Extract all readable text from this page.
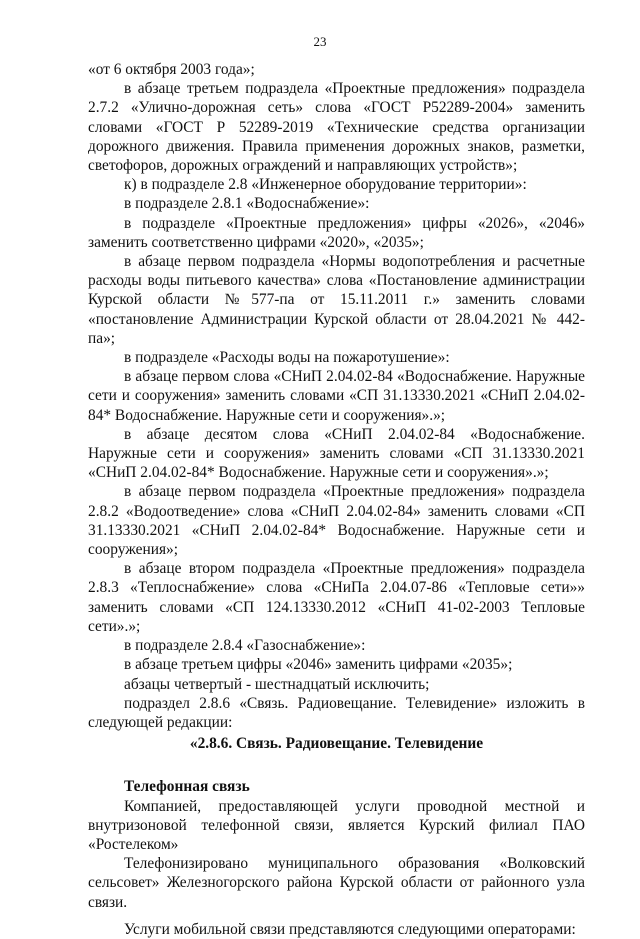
23

«от 6 октября 2003 года»;

в абзаце третьем подраздела «Проектные предложения» подраздела 2.7.2 «Улично-дорожная сеть» слова «ГОСТ Р52289-2004» заменить словами «ГОСТ Р 52289-2019 «Технические средства организации дорожного движения. Правила применения дорожных знаков, разметки, светофоров, дорожных ограждений и направляющих устройств»;

к) в подразделе 2.8 «Инженерное оборудование территории»:

в подразделе 2.8.1 «Водоснабжение»:

в подразделе «Проектные предложения» цифры «2026», «2046» заменить соответственно цифрами «2020», «2035»;

в абзаце первом подраздела «Нормы водопотребления и расчетные расходы воды питьевого качества» слова «Постановление администрации Курской области №577-па от 15.11.2011 г.» заменить словами «постановление Администрации Курской области от 28.04.2021 № 442-па»;

в подразделе «Расходы воды на пожаротушение»:

в абзаце первом слова «СНиП 2.04.02-84 «Водоснабжение. Наружные сети и сооружения» заменить словами «СП 31.13330.2021 «СНиП 2.04.02-84* Водоснабжение. Наружные сети и сооружения».»;

в абзаце десятом слова «СНиП 2.04.02-84 «Водоснабжение. Наружные сети и сооружения» заменить словами «СП 31.13330.2021 «СНиП 2.04.02-84* Водоснабжение. Наружные сети и сооружения».»;

в абзаце первом подраздела «Проектные предложения» подраздела 2.8.2 «Водоотведение» слова «СНиП 2.04.02-84» заменить словами «СП 31.13330.2021 «СНиП 2.04.02-84* Водоснабжение. Наружные сети и сооружения»;

в абзаце втором подраздела «Проектные предложения» подраздела 2.8.3 «Теплоснабжение» слова «СНиПа 2.04.07-86 «Тепловые сети»» заменить словами «СП 124.13330.2012 «СНиП 41-02-2003 Тепловые сети».»;

в подразделе 2.8.4 «Газоснабжение»:

в абзаце третьем цифры «2046» заменить цифрами «2035»;

абзацы четвертый - шестнадцатый исключить;

подраздел 2.8.6 «Связь. Радиовещание. Телевидение» изложить в следующей редакции:

«2.8.6. Связь. Радиовещание. Телевидение

Телефонная связь

Компанией, предоставляющей услуги проводной местной и внутризоновой телефонной связи, является Курский филиал ПАО «Ростелеком»

Телефонизировано муниципального образования «Волковский сельсовет» Железногорского района Курской области от районного узла связи.

Услуги мобильной связи представляются следующими операторами:
